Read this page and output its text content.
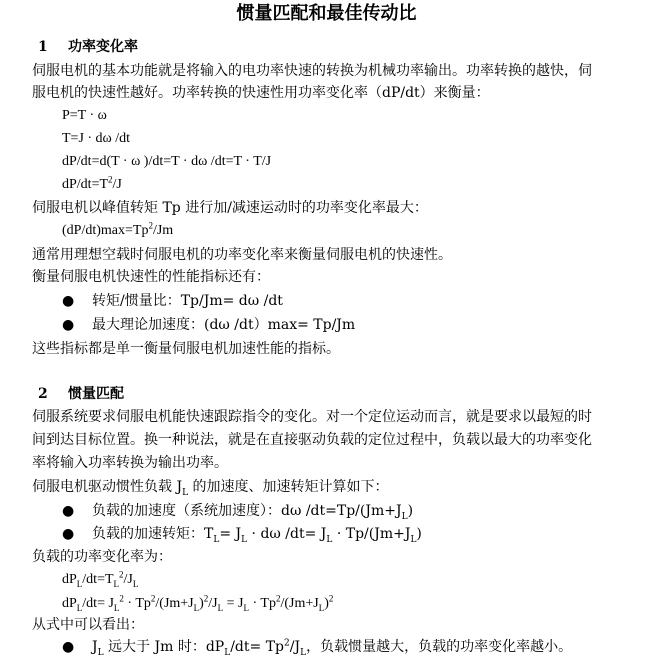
惯量匹配和最佳传动比
1 功率变化率
伺服电机的基本功能就是将输入的电功率快速的转换为机械功率输出。功率转换的越快，伺
服电机的快速性越好。功率转换的快速性用功率变化率（dP/dt）来衡量：
P=T · ω
T=J · dω /dt
dP/dt=d(T · ω )/dt=T · dω /dt=T · T/J
$dP/dt=T^2/J$
伺服电机以峰值转矩 Tp 进行加/减速运动时的功率变化率最大：
$(dP/dt)\max=Tp^2/Jm$
通常用理想空载时伺服电机的功率变化率来衡量伺服电机的快速性。
衡量伺服电机快速性的性能指标还有：
● 转矩/惯量比：Tp/Jm= dω /dt
● 最大理论加速度：(dω /dt）max= Tp/Jm
这些指标都是单一衡量伺服电机加速性能的指标。
2 惯量匹配
伺服系统要求伺服电机能快速跟踪指令的变化。对一个定位运动而言，就是要求以最短的时
间到达目标位置。换一种说法，就是在直接驱动负载的定位过程中，负载以最大的功率变化
率将输入功率转换为输出功率。
伺服电机驱动惯性负载 $J_L$ 的加速度、加速转矩计算如下：
● 负载的加速度（系统加速度）：dω $/dt=Tp/(Jm+J_L)$
● 负载的加速转矩：$T_L= J_L \cdot d\omega$ $/dt= J_L \cdot Tp/(Jm+J_L)$
负载的功率变化率为：
$dP_L/dt=T_L^2/J_L$
$dP_L/dt= J_L^2 \cdot Tp^2/(Jm+J_L)^2/J_L = J_L \cdot Tp^2/(Jm+J_L)^2$
从式中可以看出：
● $J_L$ 远大于 Jm 时：$dP_L/dt= Tp^2/J_L$，负载惯量越大，负载的功率变化率越小。
